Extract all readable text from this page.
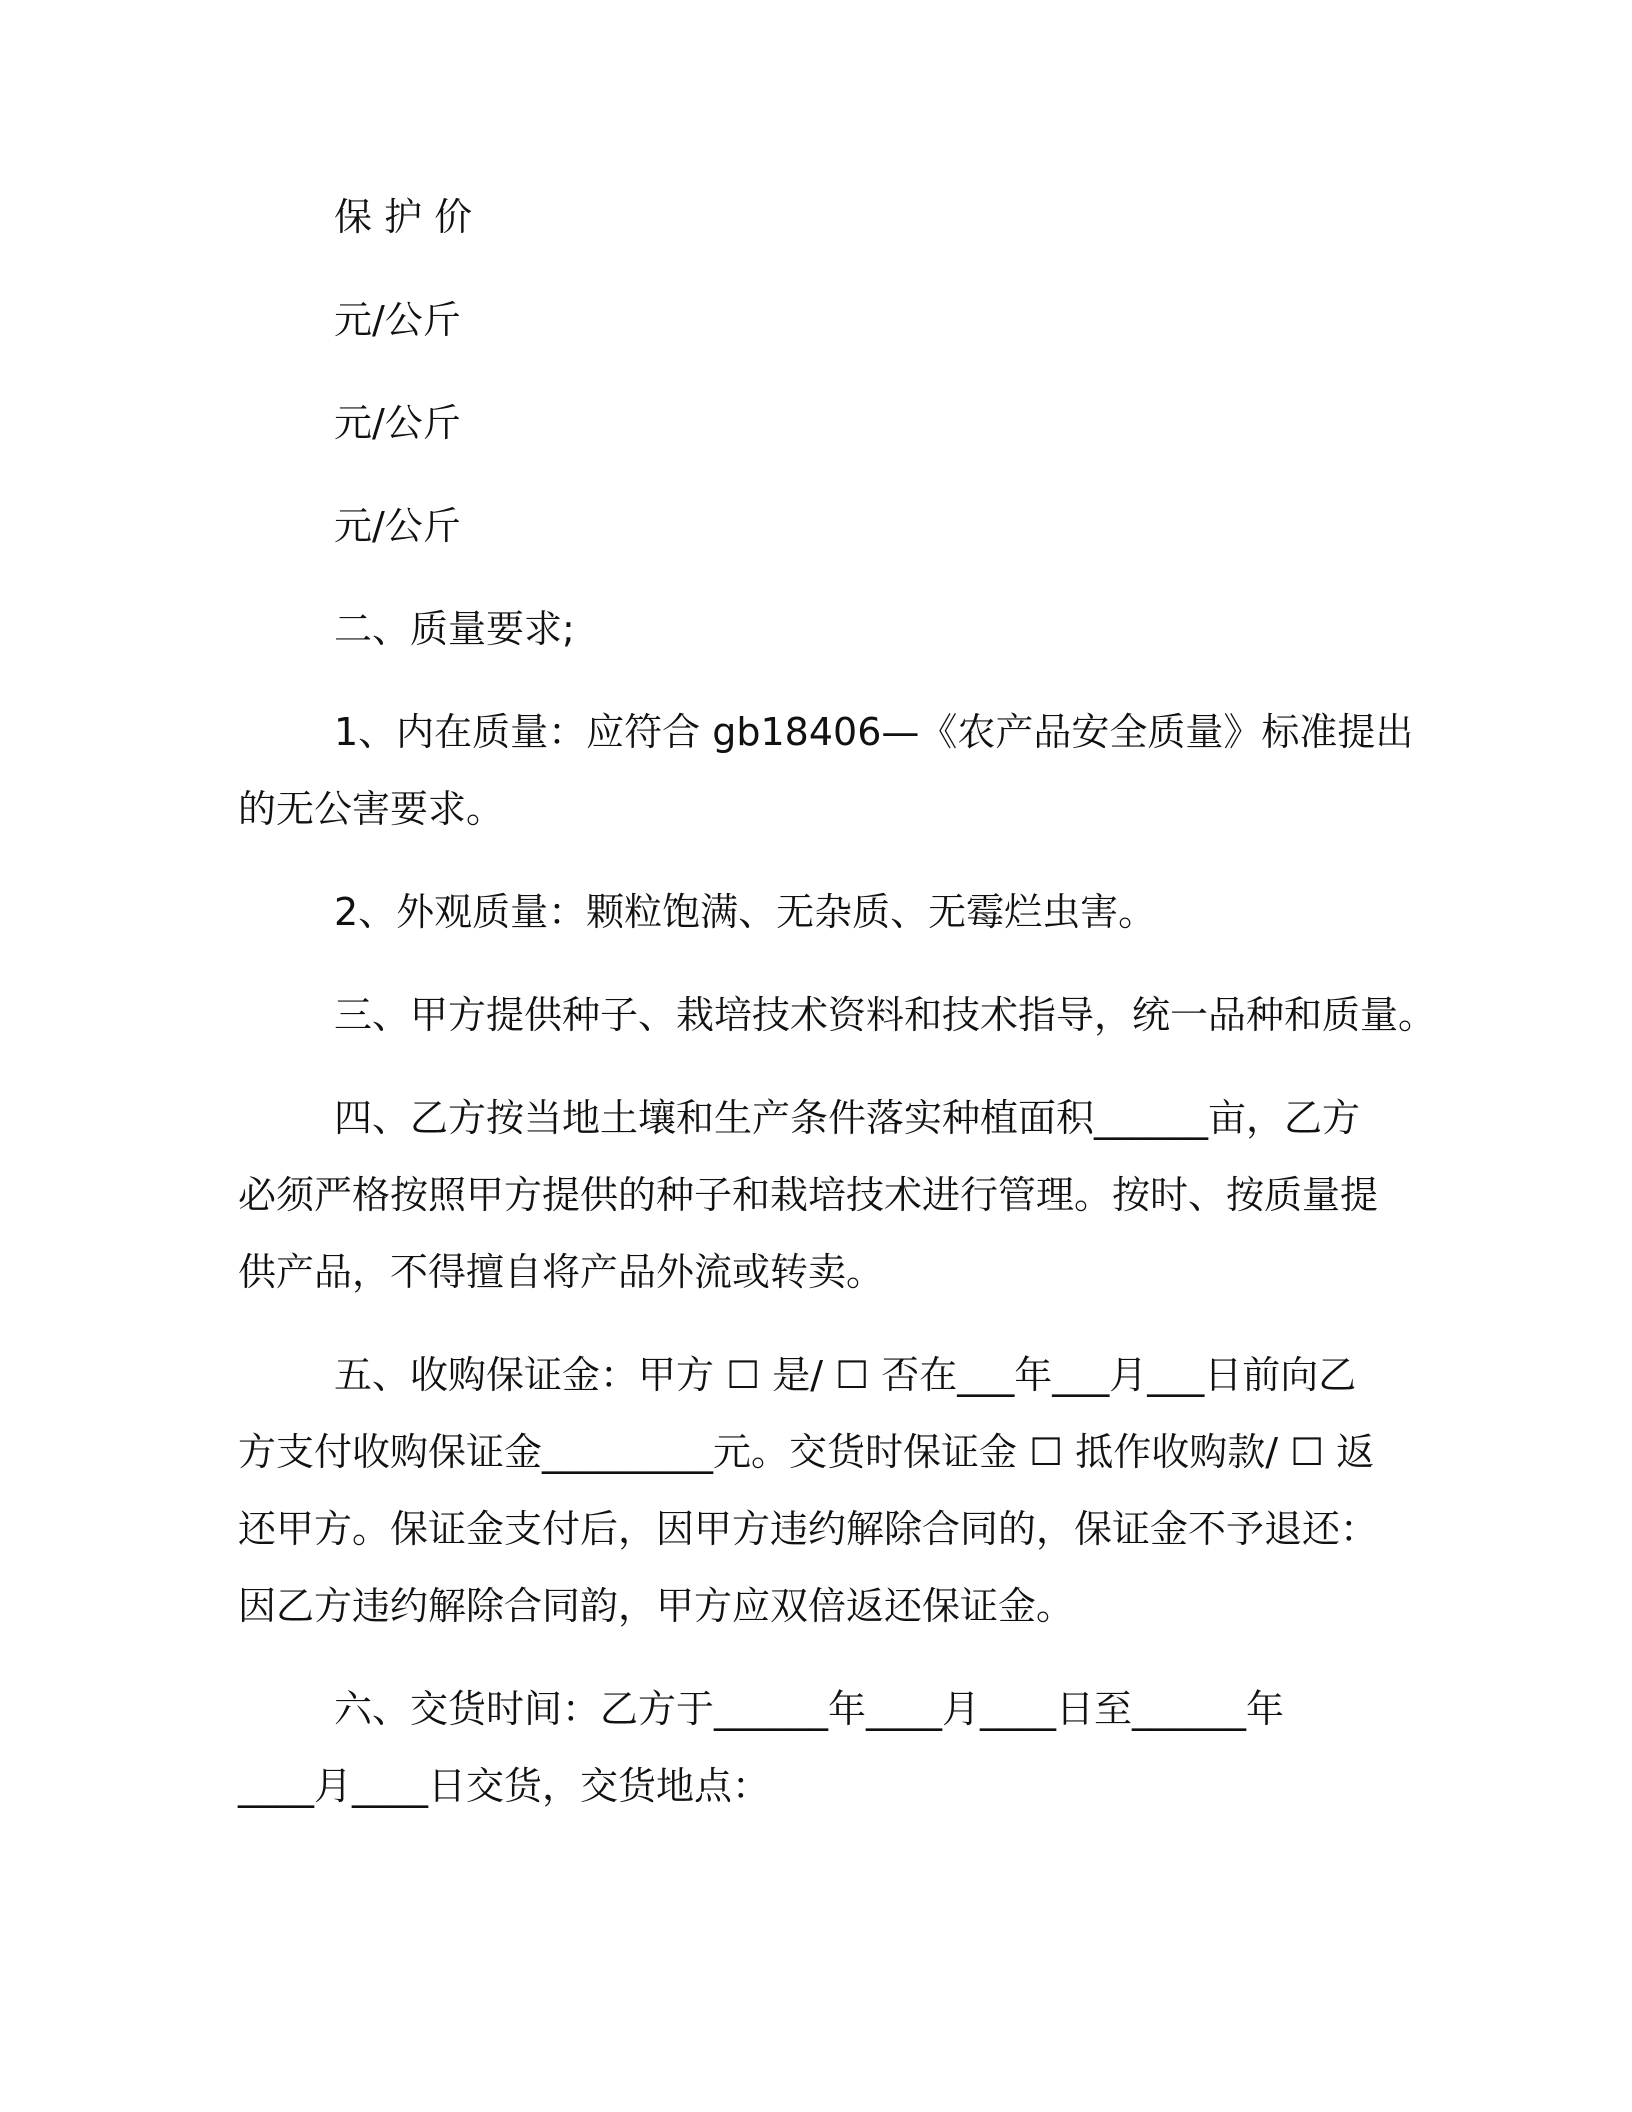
保 护 价
元/公斤
元/公斤
元/公斤
二、质量要求;
1、内在质量：应符合 gb18406—《农产品安全质量》标准提出
的无公害要求。
2、外观质量：颗粒饱满、无杂质、无霉烂虫害。
三、甲方提供种子、栽培技术资料和技术指导，统一品种和质量。
四、乙方按当地土壤和生产条件落实种植面积______亩，乙方
必须严格按照甲方提供的种子和栽培技术进行管理。按时、按质量提
供产品，不得擅自将产品外流或转卖。
五、收购保证金：甲方 ☐ 是/ ☐ 否在___年___月___日前向乙
方支付收购保证金_________元。交货时保证金 ☐ 抵作收购款/ ☐ 返
还甲方。保证金支付后，因甲方违约解除合同的，保证金不予退还：
因乙方违约解除合同韵，甲方应双倍返还保证金。
六、交货时间：乙方于______年____月____日至______年
____月____日交货，交货地点：
